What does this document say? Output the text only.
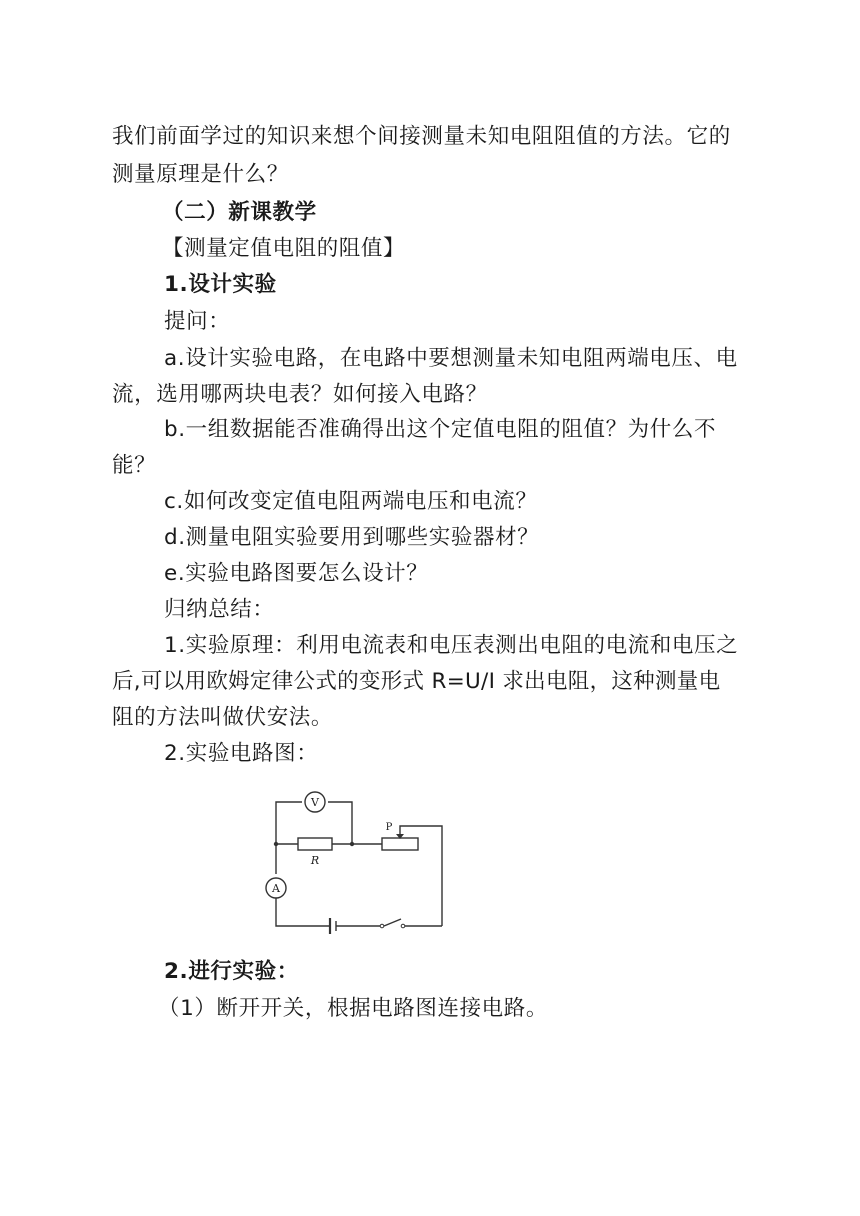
我们前面学过的知识来想个间接测量未知电阻阻值的方法。它的
测量原理是什么？
（二）新课教学
【测量定值电阻的阻值】
1.设计实验
提问：
a.设计实验电路，在电路中要想测量未知电阻两端电压、电
流，选用哪两块电表？如何接入电路？
b.一组数据能否准确得出这个定值电阻的阻值？为什么不
能？
c.如何改变定值电阻两端电压和电流？
d.测量电阻实验要用到哪些实验器材？
e.实验电路图要怎么设计？
归纳总结：
1.实验原理：利用电流表和电压表测出电阻的电流和电压之
后,可以用欧姆定律公式的变形式 R=U/I 求出电阻，这种测量电
阻的方法叫做伏安法。
2.实验电路图：
V
A
R
P
2.进行实验：
（1）断开开关，根据电路图连接电路。
